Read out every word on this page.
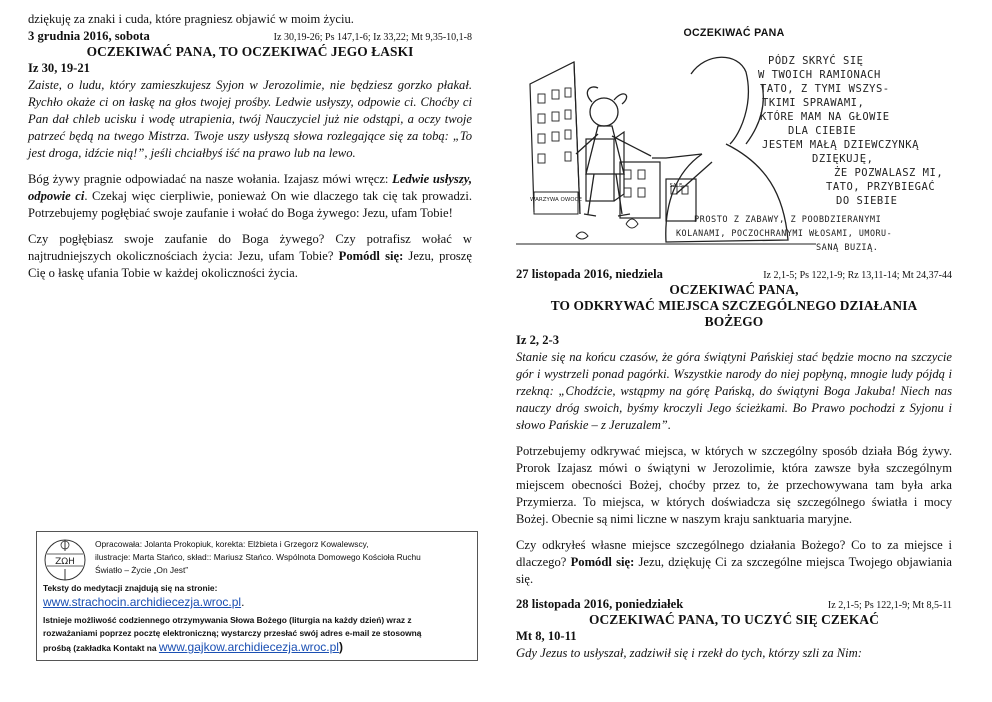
dziękuję za znaki i cuda, które pragniesz objawić w moim życiu.
3 grudnia 2016, sobota	Iz 30,19-26; Ps 147,1-6; Iz 33,22; Mt 9,35-10,1-8
OCZEKIWAĆ PANA, TO OCZEKIWAĆ JEGO ŁASKI
Iz 30, 19-21
Zaiste, o ludu, który zamieszkujesz Syjon w Jerozolimie, nie będziesz gorzko płakał. Rychło okaże ci on łaskę na głos twojej prośby. Ledwie usłyszy, odpowie ci. Choćby ci Pan dał chleb ucisku i wodę utrapienia, twój Nauczyciel już nie odstąpi, a oczy twoje patrzeć będą na twego Mistrza. Twoje uszy usłyszą słowa rozlegające się za tobą: „To jest droga, idźcie nią!”, jeśli chciałbyś iść na prawo lub na lewo.
Bóg żywy pragnie odpowiadać na nasze wołania. Izajasz mówi wręcz: Ledwie usłyszy, odpowie ci. Czekaj więc cierpliwie, ponieważ On wie dlaczego tak cię tak prowadzi. Potrzebujemy pogłębiać swoje zaufanie i wołać do Boga żywego: Jezu, ufam Tobie!
Czy pogłębiasz swoje zaufanie do Boga żywego? Czy potrafisz wołać w najtrudniejszych okolicznościach życia: Jezu, ufam Tobie? Pomódl się: Jezu, proszę Cię o łaskę ufania Tobie w każdej okoliczności życia.
ZΩH
Opracowała: Jolanta Prokopiuk, korekta: Elżbieta i Grzegorz Kowalewscy,
ilustracje: Marta Stańco, skład:: Mariusz Stańco. Wspólnota Domowego Kościoła Ruchu
Światło – Życie „On Jest”
Teksty do medytacji znajdują się na stronie:
www.strachocin.archidiecezja.wroc.pl.
Istnieje możliwość codziennego otrzymywania Słowa Bożego (liturgia na każdy dzień) wraz z
rozważaniami poprzez pocztę elektroniczną; wystarczy przesłać swój adres e-mail ze stosowną
prośbą (zakładka Kontakt na www.gajkow.archidiecezja.wroc.pl)
OCZEKIWAĆ PANA
WARZYWA OWOCE
SALE
PÓDZ SKRYĆ SIĘ
W TWOICH RAMIONACH
TATO, Z TYMI WSZYS-
TKIMI SPRAWAMI,
KTÓRE MAM NA GŁOWIE
DLA CIEBIE
JESTEM MAŁĄ DZIEWCZYNKĄ
DZIĘKUJĘ,
ŻE POZWALASZ MI,
TATO, PRZYBIEGAĆ
DO SIEBIE
PROSTO Z ZABAWY, Z POOBDZIERANYMI
KOLANAMI, POCZOCHRANYMI WŁOSAMI, UMORU-
SANĄ BUZIĄ.
27 listopada 2016, niedziela	Iz 2,1-5; Ps 122,1-9; Rz 13,11-14; Mt 24,37-44
OCZEKIWAĆ PANA,
TO ODKRYWAĆ MIEJSCA SZCZEGÓLNEGO DZIAŁANIA
BOŻEGO
Iz 2, 2-3
Stanie się na końcu czasów, że góra świątyni Pańskiej stać będzie mocno na szczycie gór i wystrzeli ponad pagórki. Wszystkie narody do niej popłyną, mnogie ludy pójdą i rzekną: „Chodźcie, wstąpmy na górę Pańską, do świątyni Boga Jakuba! Niech nas nauczy dróg swoich, byśmy kroczyli Jego ścieżkami. Bo Prawo pochodzi z Syjonu i słowo Pańskie – z Jeruzalem”.
Potrzebujemy odkrywać miejsca, w których w szczególny sposób działa Bóg żywy. Prorok Izajasz mówi o świątyni w Jerozolimie, która zawsze była szczególnym miejscem obecności Bożej, choćby przez to, że przechowywana tam była arka Przymierza. To miejsca, w których doświadcza się szczególnego światła i mocy Bożej. Obecnie są nimi liczne w naszym kraju sanktuaria maryjne.
Czy odkryłeś własne miejsce szczególnego działania Bożego? Co to za miejsce i dlaczego? Pomódl się: Jezu, dziękuję Ci za szczególne miejsca Twojego objawiania się.
28 listopada 2016, poniedziałek	Iz 2,1-5; Ps 122,1-9; Mt 8,5-11
OCZEKIWAĆ PANA, TO UCZYĆ SIĘ CZEKAĆ
Mt 8, 10-11
Gdy Jezus to usłyszał, zadziwił się i rzekł do tych, którzy szli za Nim:
